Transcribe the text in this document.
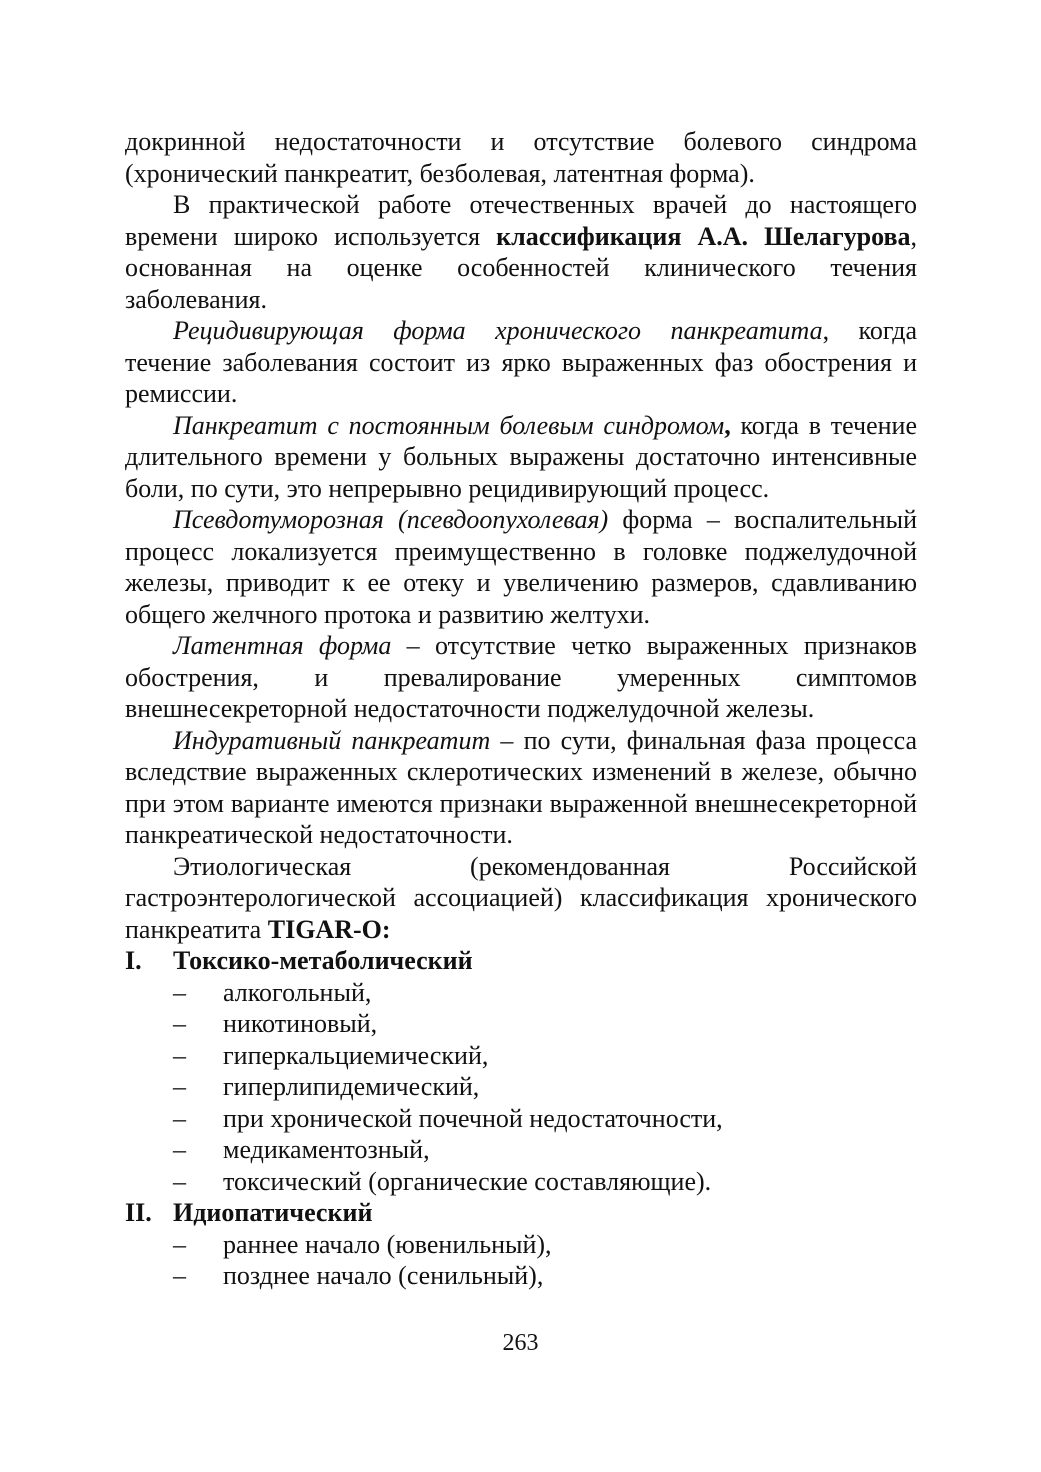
докринной недостаточности и отсутствие болевого синдрома (хронический панкреатит, безболевая, латентная форма).

В практической работе отечественных врачей до настоящего времени широко используется классификация А.А. Шелагурова, основанная на оценке особенностей клинического течения заболевания.

Рецидивирующая форма хронического панкреатита, когда течение заболевания состоит из ярко выраженных фаз обострения и ремиссии.

Панкреатит с постоянным болевым синдромом, когда в течение длительного времени у больных выражены достаточно интенсивные боли, по сути, это непрерывно рецидивирующий процесс.

Псевдотуморозная (псевдоопухолевая) форма – воспалительный процесс локализуется преимущественно в головке поджелудочной железы, приводит к ее отеку и увеличению размеров, сдавливанию общего желчного протока и развитию желтухи.

Латентная форма – отсутствие четко выраженных признаков обострения, и превалирование умеренных симптомов внешнесекреторной недостаточности поджелудочной железы.

Индуративный панкреатит – по сути, финальная фаза процесса вследствие выраженных склеротических изменений в железе, обычно при этом варианте имеются признаки выраженной внешнесекреторной панкреатической недостаточности.

Этиологическая (рекомендованная Российской гастроэнтерологической ассоциацией) классификация хронического панкреатита TIGAR-O:

I.	Токсико-метаболический
–	алкогольный,
–	никотиновый,
–	гиперкальциемический,
–	гиперлипидемический,
–	при хронической почечной недостаточности,
–	медикаментозный,
–	токсический (органические составляющие).
II. Идиопатический
–	раннее начало (ювенильный),
–	позднее начало (сенильный),
263
